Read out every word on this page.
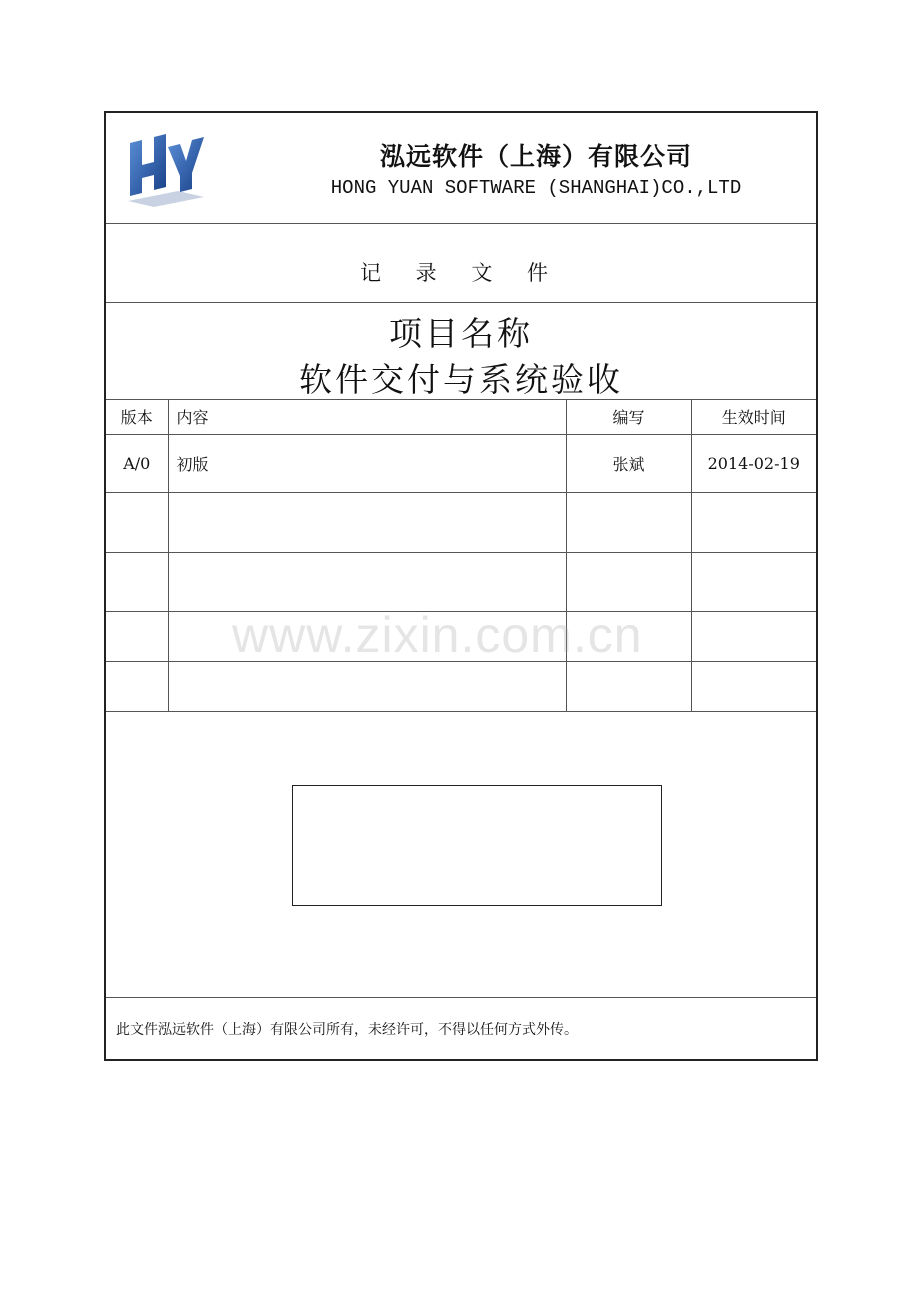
泓远软件（上海）有限公司
HONG YUAN SOFTWARE (SHANGHAI)CO.,LTD
记 录 文 件
项目名称
软件交付与系统验收
版本	内容	编写	生效时间
A/0	初版	张斌	2014-02-19

此文件泓远软件（上海）有限公司所有，未经许可，不得以任何方式外传。
www.zixin.com.cn
